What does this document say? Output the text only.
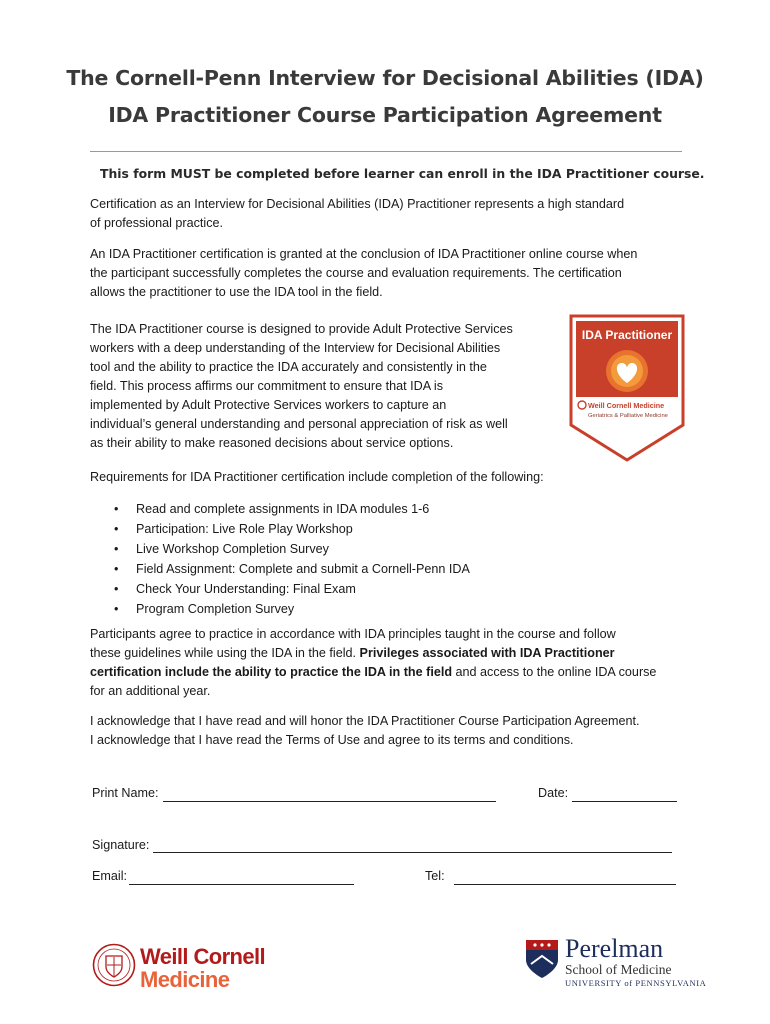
The Cornell-Penn Interview for Decisional Abilities (IDA)
IDA Practitioner Course Participation Agreement
This form MUST be completed before learner can enroll in the IDA Practitioner course.
Certification as an Interview for Decisional Abilities (IDA) Practitioner represents a high standard
of professional practice.
An IDA Practitioner certification is granted at the conclusion of IDA Practitioner online course when
the participant successfully completes the course and evaluation requirements. The certification
allows the practitioner to use the IDA tool in the field.
The IDA Practitioner course is designed to provide Adult Protective Services
workers with a deep understanding of the Interview for Decisional Abilities
tool and the ability to practice the IDA accurately and consistently in the
field. This process affirms our commitment to ensure that IDA is
implemented by Adult Protective Services workers to capture an
individual’s general understanding and personal appreciation of risk as well
as their ability to make reasoned decisions about service options.
IDA Practitioner
Weill Cornell Medicine
Geriatrics & Palliative Medicine
Requirements for IDA Practitioner certification include completion of the following:
• Read and complete assignments in IDA modules 1-6
• Participation: Live Role Play Workshop
• Live Workshop Completion Survey
• Field Assignment: Complete and submit a Cornell-Penn IDA
• Check Your Understanding: Final Exam
• Program Completion Survey
Participants agree to practice in accordance with IDA principles taught in the course and follow
these guidelines while using the IDA in the field. Privileges associated with IDA Practitioner
certification include the ability to practice the IDA in the field and access to the online IDA course
for an additional year.
I acknowledge that I have read and will honor the IDA Practitioner Course Participation Agreement.
I acknowledge that I have read the Terms of Use and agree to its terms and conditions.
Print Name:	Date:
Signature:
Email:	Tel:
Weill Cornell
Medicine
Perelman
School of Medicine
UNIVERSITY of PENNSYLVANIA
